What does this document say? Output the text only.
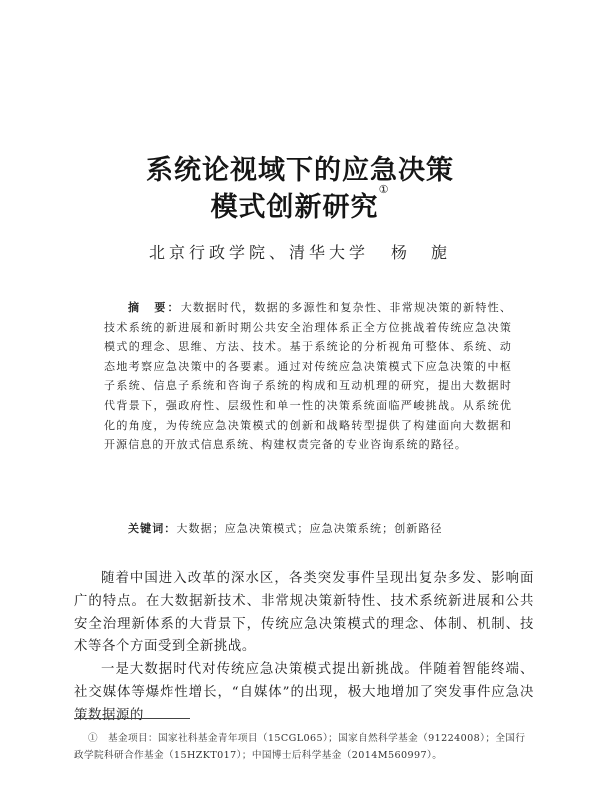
系统论视域下的应急决策
模式创新研究①
北京行政学院、清华大学 杨　旎
摘　要：大数据时代，数据的多源性和复杂性、非常规决策的新特性、技术系统的新进展和新时期公共安全治理体系正全方位挑战着传统应急决策模式的理念、思维、方法、技术。基于系统论的分析视角可整体、系统、动态地考察应急决策中的各要素。通过对传统应急决策模式下应急决策的中枢子系统、信息子系统和咨询子系统的构成和互动机理的研究，提出大数据时代背景下，强政府性、层级性和单一性的决策系统面临严峻挑战。从系统优化的角度，为传统应急决策模式的创新和战略转型提供了构建面向大数据和开源信息的开放式信息系统、构建权责完备的专业咨询系统的路径。
关键词：大数据；应急决策模式；应急决策系统；创新路径
随着中国进入改革的深水区，各类突发事件呈现出复杂多发、影响面广的特点。在大数据新技术、非常规决策新特性、技术系统新进展和公共安全治理新体系的大背景下，传统应急决策模式的理念、体制、机制、技术等各个方面受到全新挑战。
一是大数据时代对传统应急决策模式提出新挑战。伴随着智能终端、社交媒体等爆炸性增长，“自媒体”的出现，极大地增加了突发事件应急决策数据源的
①　基金项目：国家社科基金青年项目（15CGL065）；国家自然科学基金（91224008）；全国行政学院科研合作基金（15HZKT017）；中国博士后科学基金（2014M560997）。
